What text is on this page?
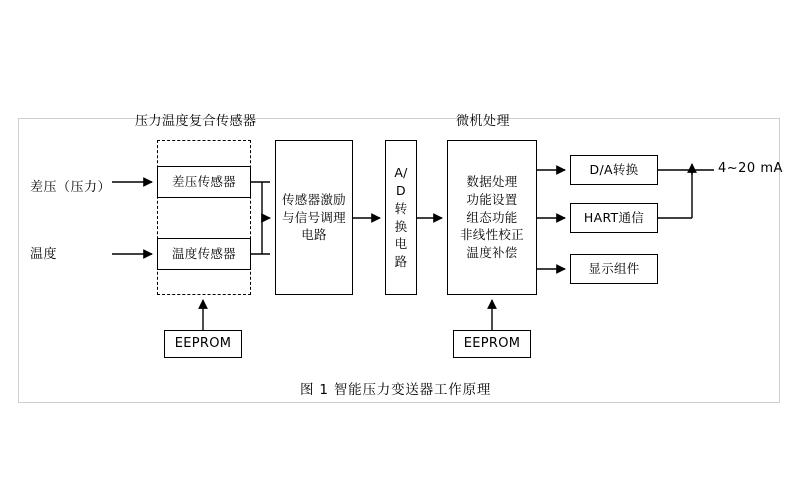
压力温度复合传感器	微机处理
差压（压力）
温度
4~20 mA
差压传感器
温度传感器
传感器激励
与信号调理
电路
A/
D
转
换
电
路
数据处理
功能设置
组态功能
非线性校正
温度补偿
D/A转换
HART通信
显示组件
EEPROM	EEPROM
图 1 智能压力变送器工作原理
